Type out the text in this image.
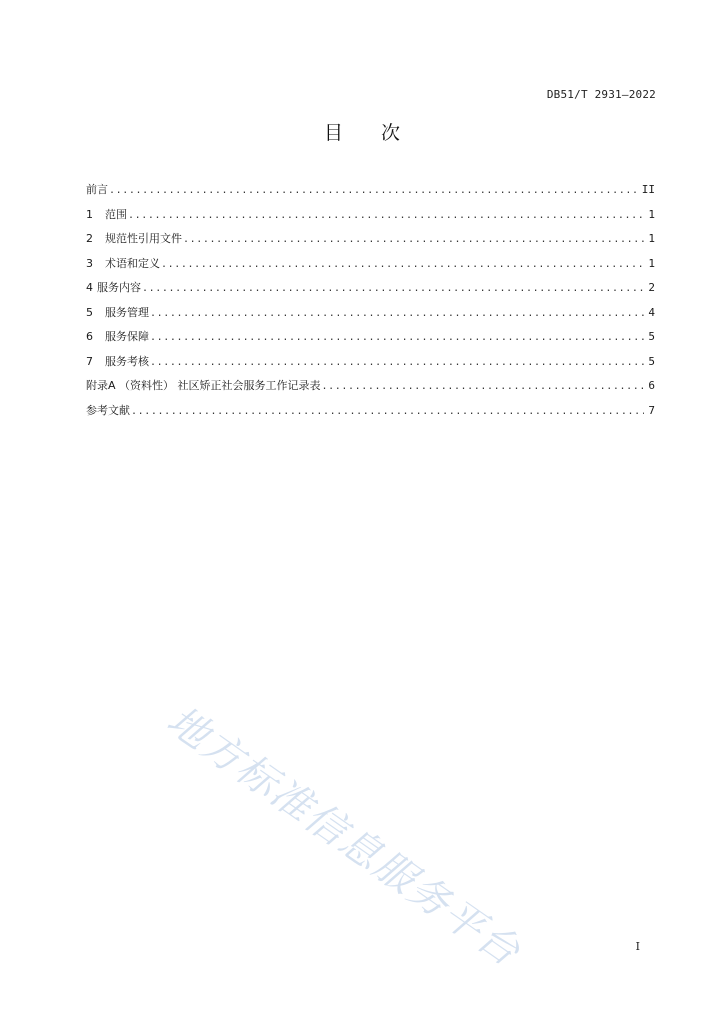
DB51/T 2931—2022
目次
前言 .....	II
1 范围 .....	1
2 规范性引用文件 .....	1
3 术语和定义 .....	1
4 服务内容 .....	2
5 服务管理 .....	4
6 服务保障 .....	5
7 服务考核 .....	5
附录A （资料性） 社区矫正社会服务工作记录表 .....	6
参考文献 .....	7
地方标准信息服务平台	I
